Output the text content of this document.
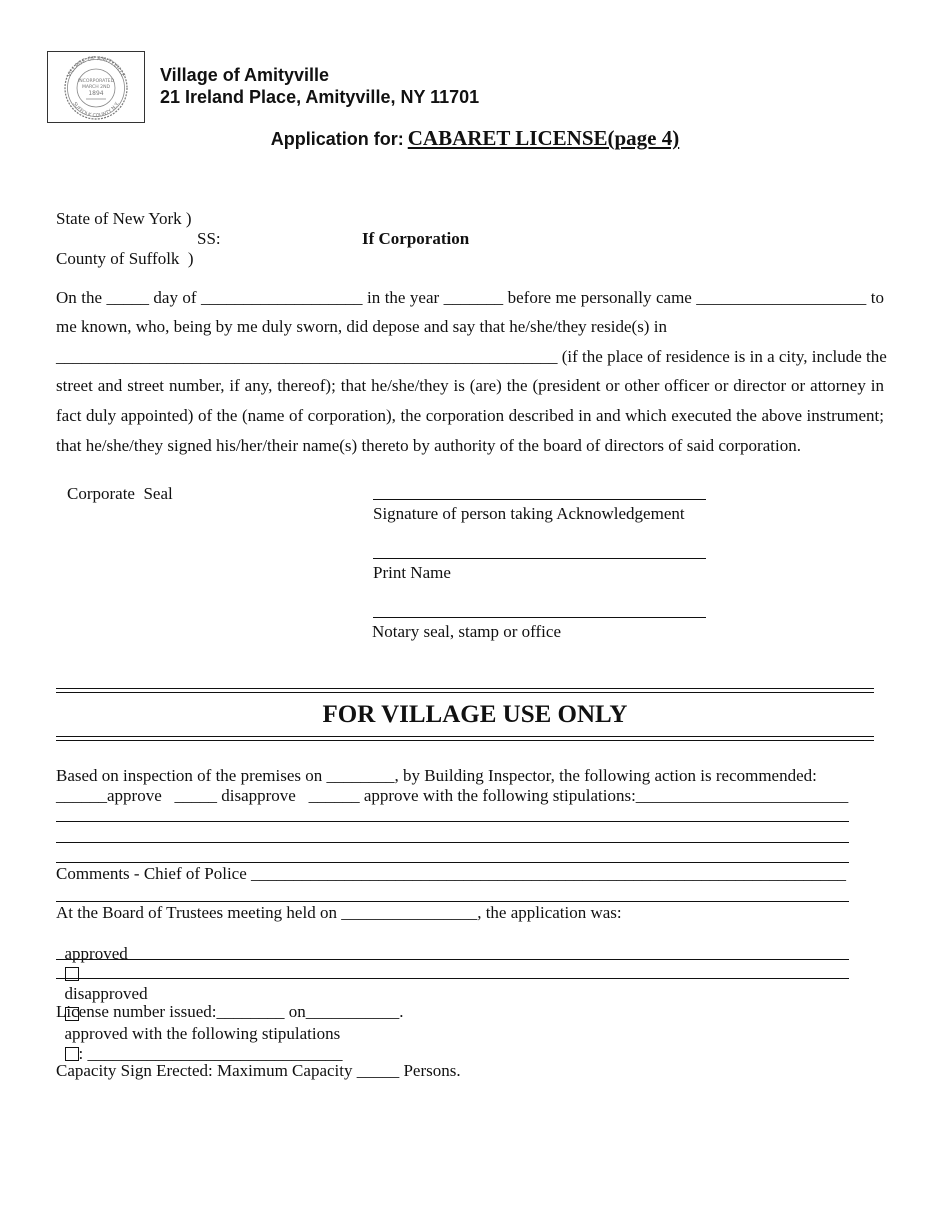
VILLAGE OF AMITYVILLE
SUFFOLK COUNTY N.Y.
INCORPORATED
MARCH 2ND
1894
Village of Amityville
21 Ireland Place, Amityville, NY 11701
Application for: CABARET LICENSE(page 4)
State of New York )
SS:	If Corporation
County of Suffolk  )
On the _____ day of ___________________ in the year _______ before me personally came ____________________ to
me known, who, being by me duly sworn, did depose and say that he/she/they reside(s) in
___________________________________________________________ (if the place of residence is in a city, include the
street and street number, if any, thereof); that he/she/they is (are) the (president or other officer or director or attorney in
fact duly appointed) of the (name of corporation), the corporation described in and which executed the above instrument;
that he/she/they signed his/her/their name(s) thereto by authority of the board of directors of said corporation.
Corporate  Seal
Signature of person taking Acknowledgement
Print Name
Notary seal, stamp or office
FOR VILLAGE USE ONLY
Based on inspection of the premises on ________, by Building Inspector, the following action is recommended:
______approve   _____ disapprove   ______ approve with the following stipulations:_________________________
Comments - Chief of Police ______________________________________________________________________
At the Board of Trustees meeting held on ________________, the application was:

approved

disapproved

approved with the following stipulations
: ______________________________

License number issued:________ on___________.
Capacity Sign Erected: Maximum Capacity _____ Persons.
